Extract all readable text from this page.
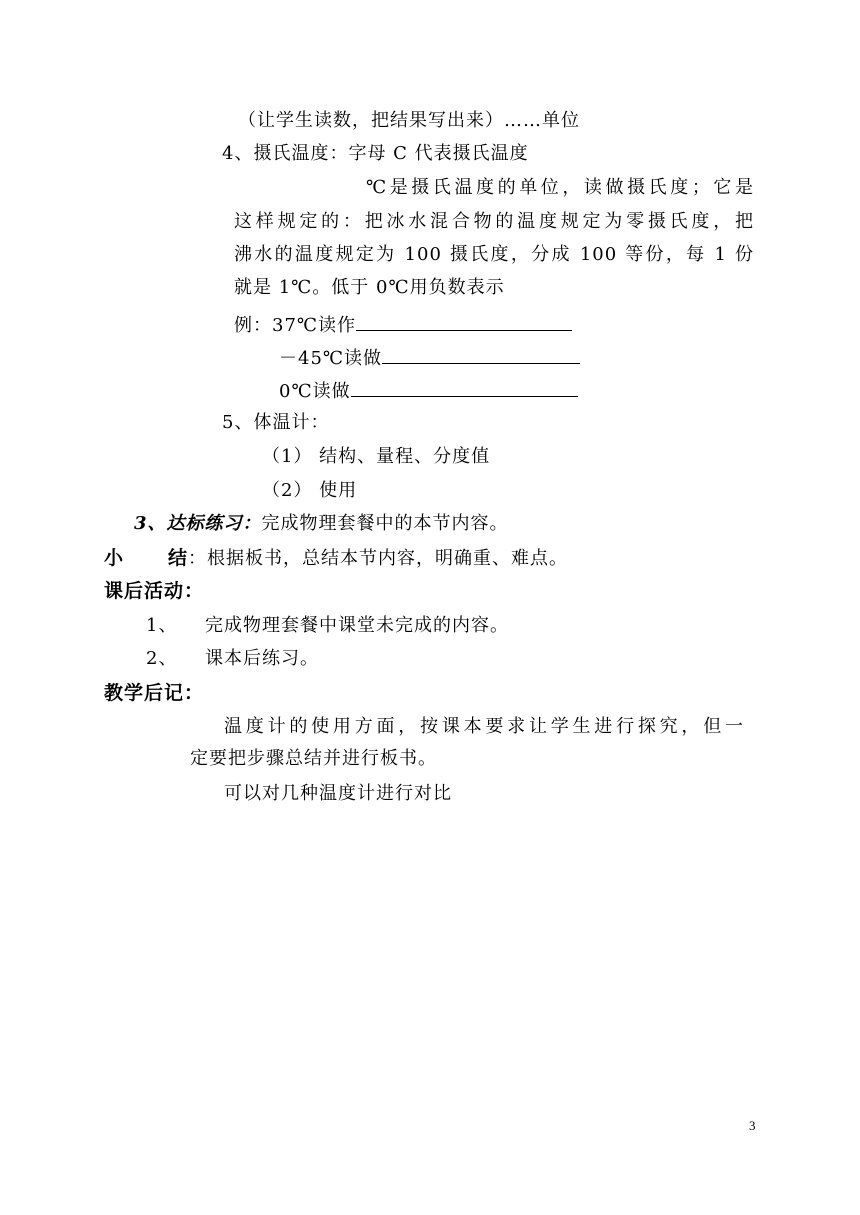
（让学生读数，把结果写出来）……单位
4、摄氏温度：字母 C 代表摄氏温度
℃是摄氏温度的单位，读做摄氏度；它是
这样规定的：把冰水混合物的温度规定为零摄氏度，把
沸水的温度规定为 100 摄氏度，分成 100 等份，每 1 份
就是 1℃。低于 0℃用负数表示
例：37℃读作
－45℃读做
0℃读做
5、体温计：
（1） 结构、量程、分度值
（2） 使用
3、达标练习：完成物理套餐中的本节内容。
小 结：根据板书，总结本节内容，明确重、难点。
课后活动：
1、 完成物理套餐中课堂未完成的内容。
2、 课本后练习。
教学后记：
温度计的使用方面，按课本要求让学生进行探究，但一
定要把步骤总结并进行板书。
可以对几种温度计进行对比
3
